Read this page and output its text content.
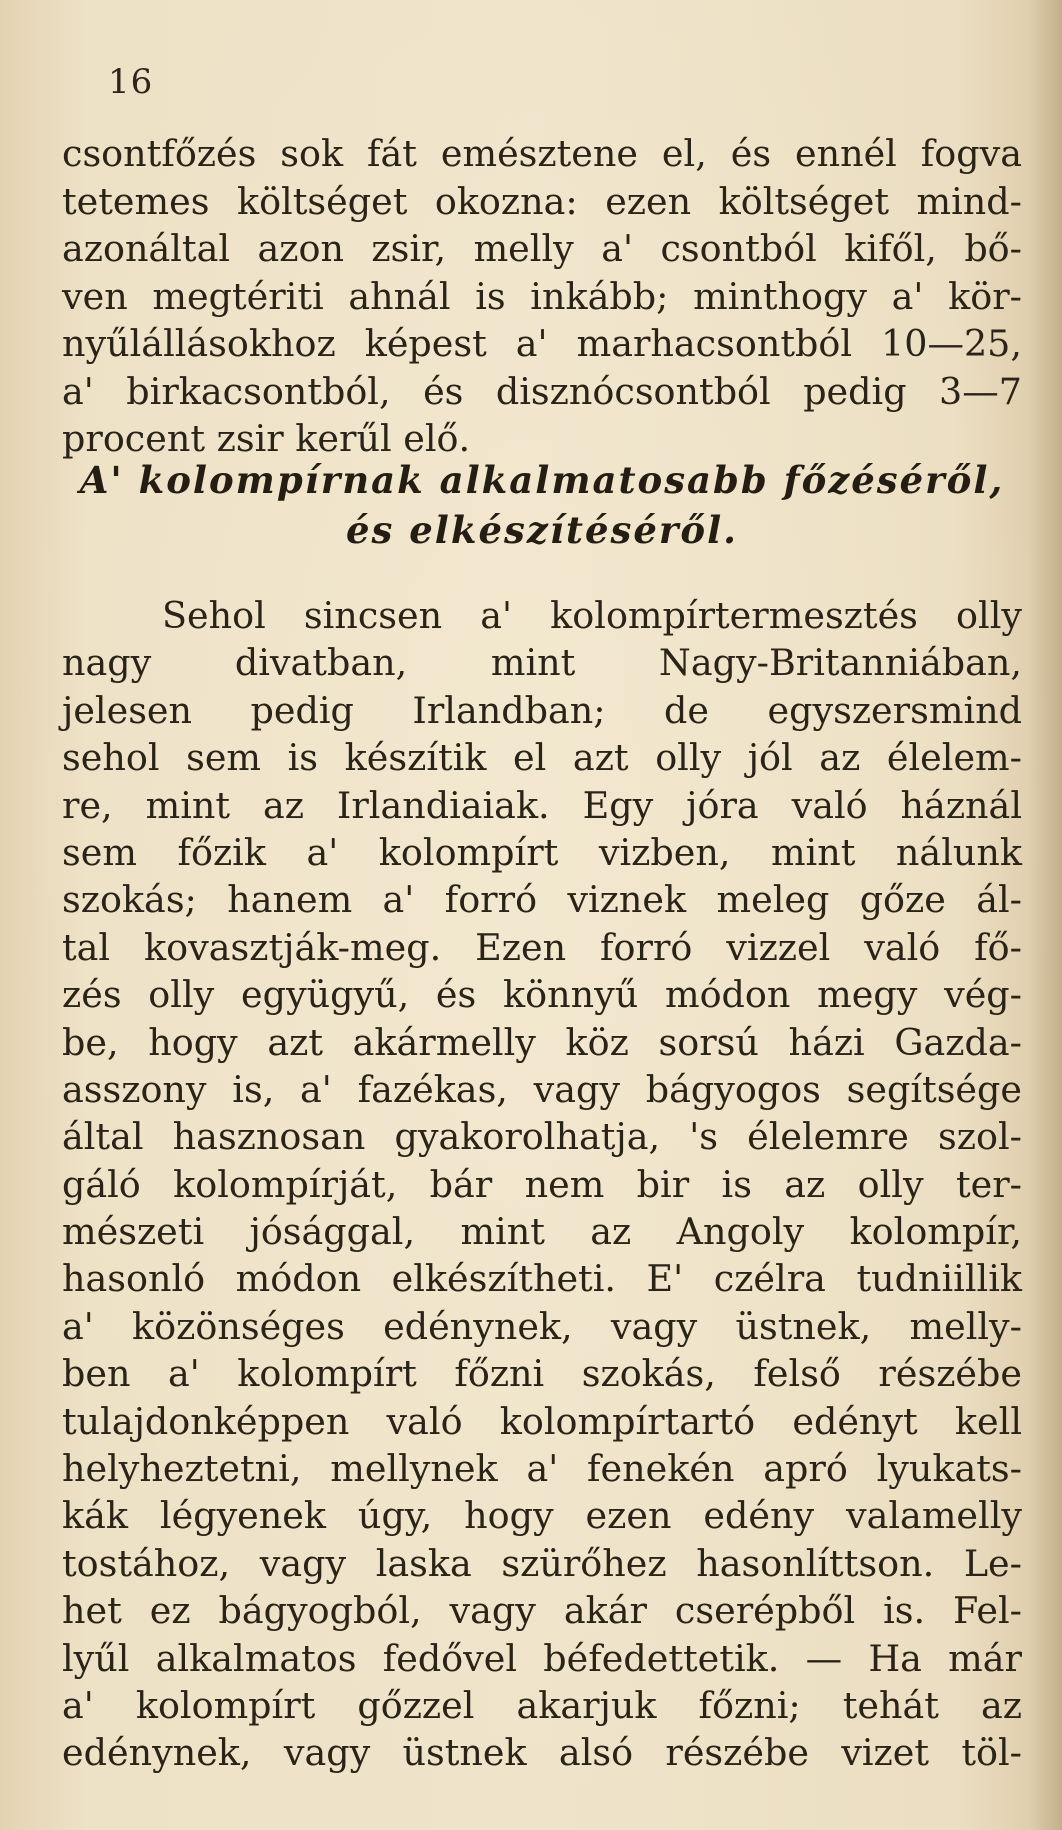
16
csontfőzés sok fát emésztene el, és ennél fogva
tetemes költséget okozna: ezen költséget mind-
azonáltal azon zsir, melly a' csontból kifől, bő-
ven megtériti ahnál is inkább; minthogy a' kör-
nyűlállásokhoz képest a' marhacsontból 10—25,
a' birkacsontból, és disznócsontból pedig 3—7
procent zsir kerűl elő.
A' kolompírnak alkalmatosabb főzéséről,
és elkészítéséről.
Sehol sincsen a' kolompírtermesztés olly
nagy divatban, mint Nagy-Britanniában,
jelesen pedig Irlandban; de egyszersmind
sehol sem is készítik el azt olly jól az élelem-
re, mint az Irlandiaiak. Egy jóra való háznál
sem főzik a' kolompírt vizben, mint nálunk
szokás; hanem a' forró viznek meleg gőze ál-
tal kovasztják-meg. Ezen forró vizzel való fő-
zés olly együgyű, és könnyű módon megy vég-
be, hogy azt akármelly köz sorsú házi Gazda-
asszony is, a' fazékas, vagy bágyogos segítsége
által hasznosan gyakorolhatja, 's élelemre szol-
gáló kolompírját, bár nem bir is az olly ter-
mészeti jósággal, mint az Angoly kolompír,
hasonló módon elkészítheti. E' czélra tudniillik
a' közönséges edénynek, vagy üstnek, melly-
ben a' kolompírt főzni szokás, felső részébe
tulajdonképpen való kolompírtartó edényt kell
helyheztetni, mellynek a' fenekén apró lyukats-
kák légyenek úgy, hogy ezen edény valamelly
tostához, vagy laska szürőhez hasonlíttson. Le-
het ez bágyogból, vagy akár cserépből is. Fel-
lyűl alkalmatos fedővel béfedettetik. — Ha már
a' kolompírt gőzzel akarjuk főzni; tehát az
edénynek, vagy üstnek alsó részébe vizet töl-
